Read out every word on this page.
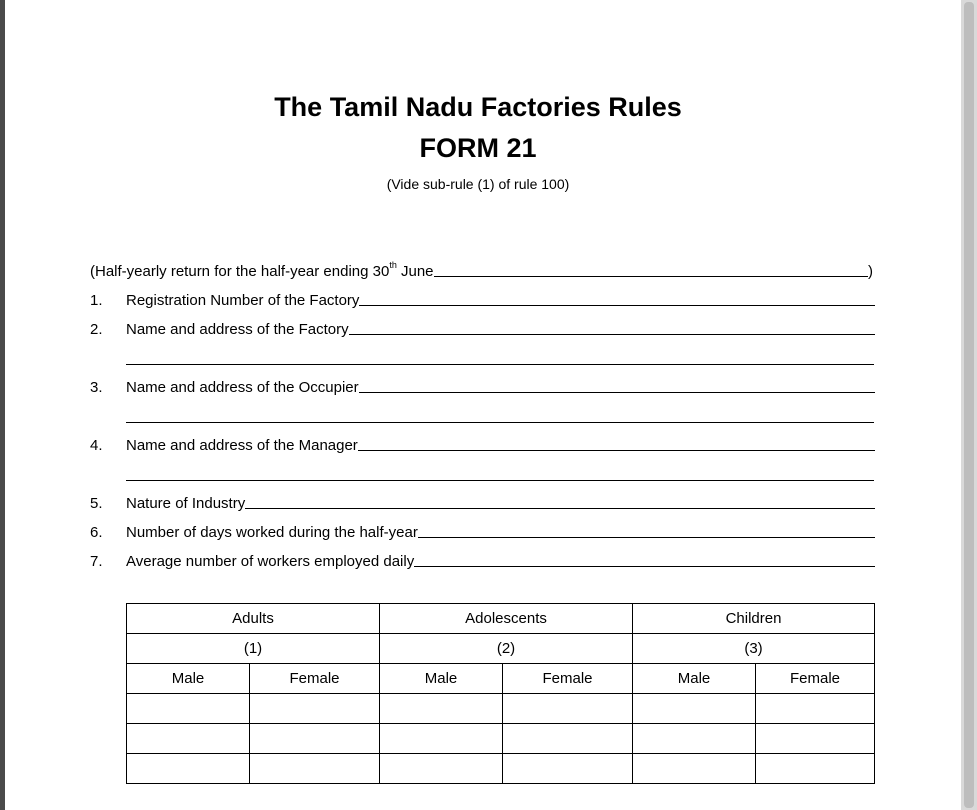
The Tamil Nadu Factories Rules
FORM 21
(Vide sub-rule (1) of rule 100)
(Half-yearly return for the half-year ending 30th June	)
1.	Registration Number of the Factory
2.	Name and address of the Factory
3.	Name and address of the Occupier
4.	Name and address of the Manager
5.	Nature of Industry
6.	Number of days worked during the half-year
7.	Average number of workers employed daily
Adults		Adolescents		Children	
(1)		(2)		(3)	
Male	Female	Male	Female	Male	Female
